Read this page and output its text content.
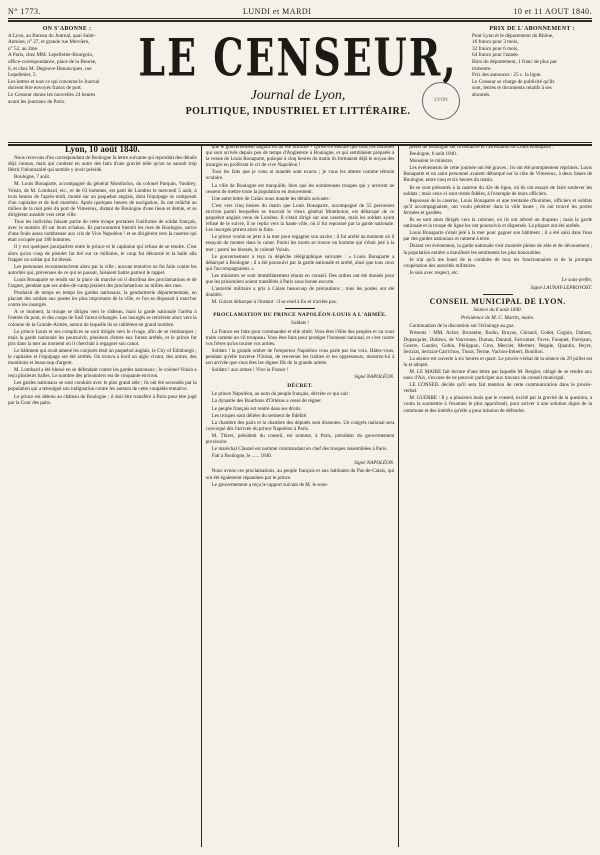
N° 1773.	LUNDI et MARDI	10 et 11 AOUT 1840.
ON S'ABONNE :
A Lyon, au Bureau du Journal, quai Saint-
Antoine, n° 27, et grande rue Mercière,
n° 52, au 2me.
A Paris, chez MM. Lepelletier-Bourgoin,
office-correspondance, place de la Bourse,
6, et chez M. Degouve-Denuncques, rue
Lepelletier, 5.
Les lettres et tout ce qui concerne le Journal
doivent être envoyés francs de port.
Le Censeur donne les nouvelles 24 heures
avant les journaux de Paris.
LE CENSEUR,
Journal de Lyon,
POLITIQUE, INDUSTRIEL ET LITTÉRAIRE.
LYON
PRIX DE L'ABONNEMENT :
Pour Lyon et le département du Rhône,
16 francs pour 3 mois,
32 francs pour 6 mois,
64 francs pour l'année.
Hors du département, 1 franc de plus par
trimestre.
Prix des annonces : 25 c. la ligne.
Le Censeur se charge de publicité qu'ils
sont, lettres et documents relatifs à ses
abonnés.
Lyon, 10 août 1840.

Nous recevons d'un correspondant de Boulogne la lettre suivante qui reproduit des détails déjà connus, mais qui contient en outre des faits d'une gravité telle qu'on se saurait trop flétrir l'inhumanité qui semble y avoir présidé.

Boulogne, 7 août.

M. Louis Bonaparte, accompagné du général Montholon, du colonel Parquin, Vaudrey, Voisin, de M. Lombard, etc., et de 63 hommes, est parti de Londres le mercredi 5 août, à trois heures de l'après-midi, monté sur un paquebot anglais, dont l'équipage se composait d'un capitaine et de huit matelots. Après quelques heures de navigation, ils ont relâché au milieu de la nuit près du port de Vimereux, distant de Boulogne d'une lieue et demie, et se dirigèrent aussitôt vers cette ville.

Tous les individus faisant partie de cette troupe portaient l'uniforme de soldat français, avec le numéro 40 sur leurs schakos. Ils parcoururent bientôt les rues de Boulogne, suivis d'une foule assez nombreuse aux cris de Vive Napoléon ! et se dirigèrent vers la caserne qui était occupée par 180 hommes.

Il y eut quelques pourparlers entre le prince et le capitaine qui refusa de se rendre. C'est alors qu'un coup de pistolet fut tiré sur ce militaire, le coup fut détourné et la balle alla frapper un soldat qui fut blessé.

Les personnes recommencèrent alors par la ville ; aucune tentative ne fut faite contre les autorités qui, prévenues de ce qui se passait, faisaient battre partout le rappel.

Louis Bonaparte se rendit sur la place du marché où il distribua des proclamations et de l'argent, pendant que ses aides-de-camp jetaient des proclamations au milieu des rues.

Produisit de temps en temps les gardes nationaux, la gendarmerie départementale, en placant des soldats aux postes les plus importants de la ville, et l'on se disposait à marcher contre les insurgés.

A ce moment, la troupe se dirigea vers le château, mais la garde nationale l'arrêta à l'entrée du pont, et des coups de fusil furent échangés. Les insurgés se retirèrent alors vers la colonne de la Grande-Armée, autour de laquelle ils se rallièrent en grand nombre.

Le prince Louis et ses complices se sont dirigés vers le rivage, afin de se rembarquer ; mais la garde nationale les poursuivit, plusieurs d'entre eux furent arrêtés, et le prince fut pris dans la mer au moment où il cherchait à regagner son canot.

Le bâtiment qui avait amené les conjurés était un paquebot anglais, le City of Edinburgh ; le capitaine et l'équipage ont été arrêtés. On trouva à bord un aigle vivant, des armes, des munitions et beaucoup d'argent.

M. Lombard a été blessé en se défendant contre les gardes nationaux ; le colonel Voisin a reçu plusieurs balles. Le nombre des prisonniers est de cinquante environ.

Les gardes nationaux se sont conduits avec le plus grand zèle ; ils ont été secondés par la population qui a témoigné son indignation contre les auteurs de cette coupable tentative.

Le prince est détenu au château de Boulogne ; il doit être transféré à Paris pour être jugé par la Cour des pairs.

que le gouvernement anglais en ait été informé ? Qu'est-ce ensuite que tous ces hommes qui sont arrivés depuis peu de temps d'Angleterre à Boulogne, et qui semblaient préparés à la venue de Louis Bonaparte, puisque à cinq heures du matin ils formaient déjà le noyau des insurgés en proférant le cri de vive Napoléon !

Tous les faits que je vous ai mandés sont exacts ; je vous les atteste comme témoin oculaire.

La ville de Boulogne est tranquille, bien que les nombreuses troupes qui y arrivent ne cessent de mettre toute la population en mouvement.

Une autre lettre de Calais nous mande les détails suivants :

C'est vers cinq heures du matin que Louis Bonaparte, accompagné de 55 personnes environ parmi lesquelles se trouvait le vieux général Montholon, est débarqué de ce paquebot anglais venu de Londres. Il s'était dirigé sur une caserne, mais les soldats ayant refusé de le suivre, il se replia vers la haute ville, où il fut repoussé par la garde nationale. Les insurgés prirent alors la fuite.

Le prince voulut se jeter à la mer pour regagner son navire ; il fut arrêté au moment où il essayait de monter dans le canot. Parmi les morts se trouve un homme qui s'était jeté à la mer ; parmi les blessés, le colonel Voisin.

Le gouvernement a reçu la dépêche télégraphique suivante : « Louis Bonaparte a débarqué à Boulogne ; il a été poursuivi par la garde nationale et arrêté, ainsi que tous ceux qui l'accompagnaient. »

Les ministres se sont immédiatement réunis en conseil. Des ordres ont été donnés pour que les prisonniers soient transférés à Paris sous bonne escorte.

L'autorité militaire a pris à Calais beaucoup de précautions ; tous les postes ont été doublés.

M. Guizot débarque à l'instant : il se rend à Eu et n'arrête pas.

PROCLAMATION DU PRINCE NAPOLÉON-LOUIS A L'ARMÉE.
Soldats !

La France est faite pour commander et elle obéit. Vous êtes l'élite des peuples et on vous traite comme un vil troupeau. Vous êtes faits pour protéger l'honneur national, et c'est contre vos frères qu'on tourne vos armes.

Soldats ! la grande ombre de l'empereur Napoléon vous parle par ma voix. Hâtez-vous, pendant qu'elle traverse l'Océan, de renverser les traîtres et les oppresseurs, montrez-lui à son arrivée que vous êtes les dignes fils de la grande armée.

Soldats ! aux armes ! Vive la France !

Signé NAPOLÉON.
DÉCRET.

Le prince Napoléon, au nom du peuple français, décrète ce qui suit :

La dynastie des Bourbons d'Orléans a cessé de régner.

Le peuple français est rentré dans ses droits.

Les troupes sont déliées du serment de fidélité.

La chambre des pairs et la chambre des députés sont dissoutes. Un congrès national sera convoqué dès l'arrivée du prince Napoléon à Paris.

M. Thiers, président du conseil, est nommé, à Paris, président du gouvernement provisoire.

Le maréchal Clauzel est nommé commandant en chef des troupes rassemblées à Paris.

Fait à Boulogne, le ...... 1840.

Signé NAPOLÉON.

Nous avons ces proclamations, au peuple français et aux habitants du Pas-de-Calais, qui ont été également répandues par le prince.

Le gouvernement a reçu le rapport suivant de M. le sous-

préfet de Boulogne sur la tentative et l'arrestation de Louis Bonaparte :

Boulogne, 6 août 1840.

Monsieur le ministre,

Les événements de cette journée ont été graves ; ils ont été promptement réprimés. Louis Bonaparte et un saint personnel avaient débarqué sur la côte de Vimereux, à deux lieues de Boulogne, entre cinq et six heures du matin.

Ils se sont présentés à la caserne du 42e de ligne, où ils ont essayé de faire soulever les soldats ; mais ceux-ci sont restés fidèles, à l'exemple de leurs officiers.

Repoussé de la caserne, Louis Bonaparte et une trentaine d'hommes, officiers et soldats qu'il accompagnaient, ont voulu pénétrer dans la ville haute ; ils ont trouvé les portes fermées et gardées.

Ils se sont alors dirigés vers la colonne, où ils ont arboré un drapeau ; mais la garde nationale et la troupe de ligne les ont poursuivis et dispersés. La plupart ont été arrêtés.

Louis Bonaparte s'était jeté à la mer pour gagner son bâtiment ; il a été saisi dans l'eau par des gardes nationaux et ramené à terre.

Durant cet événement, la garde nationale s'est montrée pleine de zèle et de dévouement ; la population entière a manifesté les sentiments les plus honorables.

Je n'ai qu'à me louer de la conduite de tous les fonctionnaires et de la prompte coopération des autorités militaires.

Je suis avec respect, etc.

Le sous-préfet,
Signé LAUNAY-LEPROVOST.
CONSEIL MUNICIPAL DE LYON.
Séance du 6 août 1840.
Présidence de M. C. Martin, maire.

Continuation de la discussion sur l'éclairage au gaz.

Présents : MM. Acher, Brossette, Bodin, Bruyas, Chinard, Godet, Cognin, Dubost, Dupasquier, Dulieux, de Vauxonne, Dumas, Durand, Falconnet, Favre, Fouquet, Frerejean, Goerre, Gautier, Gobin, Philippon, Gros, Mercier, Mermet, Nepple, Quantin, Reyre, Seriziat, Seriziat-Carrichon, Tissot, Terme, Vachon-Imbert, Bouillon.

La séance est ouverte à six heures et quart. Le procès-verbal de la séance du 29 juillet est lu et adopté.

M. LE MAIRE fait lecture d'une lettre par laquelle M. Bergier, obligé de se rendre aux eaux d'Aix, s'excuse de ne pouvoir participer aux travaux du conseil municipal.

LE CONSEIL décide qu'il sera fait mention de cette communication dans le procès-verbal.

M. GUERRE : Il y a plusieurs mois que le conseil, excité par la gravité de la question, a voulu la soumettre à l'examen le plus approfondi, pour arriver à une solution digne de la commune et des intérêts qu'elle a pour mission de défendre.
